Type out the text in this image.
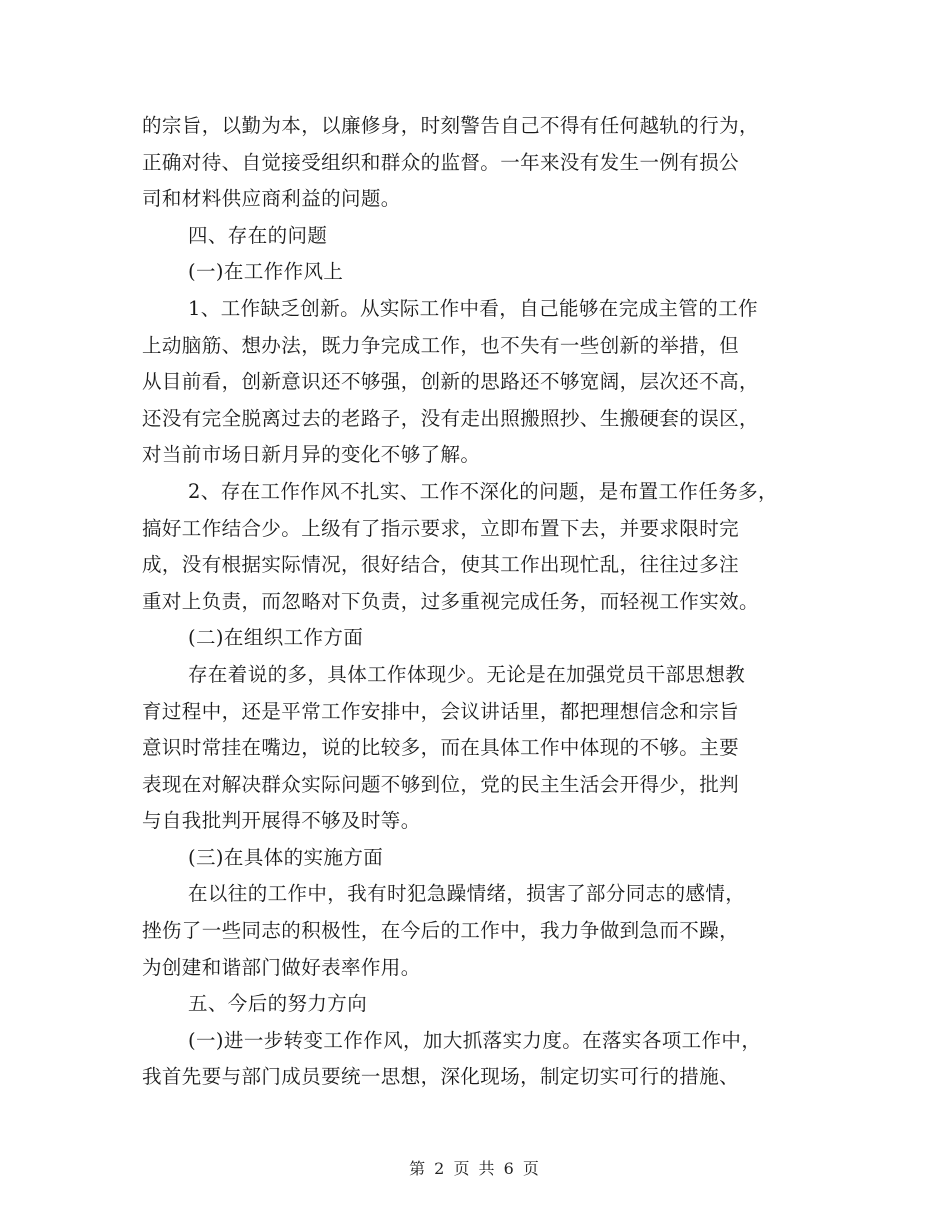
的宗旨，以勤为本，以廉修身，时刻警告自己不得有任何越轨的行为，
正确对待、自觉接受组织和群众的监督。一年来没有发生一例有损公
司和材料供应商利益的问题。
四、存在的问题
(一)在工作作风上
1、工作缺乏创新。从实际工作中看，自己能够在完成主管的工作
上动脑筋、想办法，既力争完成工作，也不失有一些创新的举措，但
从目前看，创新意识还不够强，创新的思路还不够宽阔，层次还不高，
还没有完全脱离过去的老路子，没有走出照搬照抄、生搬硬套的误区，
对当前市场日新月异的变化不够了解。
2、存在工作作风不扎实、工作不深化的问题，是布置工作任务多，
搞好工作结合少。上级有了指示要求，立即布置下去，并要求限时完
成，没有根据实际情况，很好结合，使其工作出现忙乱，往往过多注
重对上负责，而忽略对下负责，过多重视完成任务，而轻视工作实效。
(二)在组织工作方面
存在着说的多，具体工作体现少。无论是在加强党员干部思想教
育过程中，还是平常工作安排中，会议讲话里，都把理想信念和宗旨
意识时常挂在嘴边，说的比较多，而在具体工作中体现的不够。主要
表现在对解决群众实际问题不够到位，党的民主生活会开得少，批判
与自我批判开展得不够及时等。
(三)在具体的实施方面
在以往的工作中，我有时犯急躁情绪，损害了部分同志的感情，
挫伤了一些同志的积极性，在今后的工作中，我力争做到急而不躁，
为创建和谐部门做好表率作用。
五、今后的努力方向
(一)进一步转变工作作风，加大抓落实力度。在落实各项工作中，
我首先要与部门成员要统一思想，深化现场，制定切实可行的措施、
第 2 页 共 6 页
